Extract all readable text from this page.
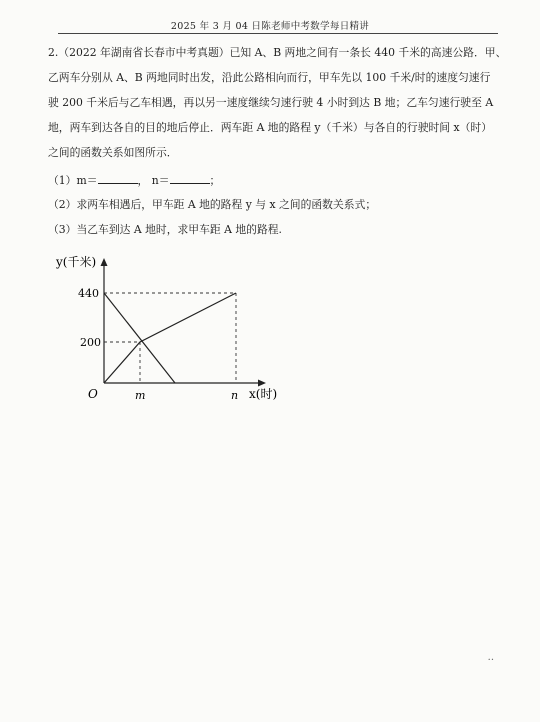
2025 年 3 月 04 日陈老师中考数学每日精讲
2.（2022 年湖南省长春市中考真题）已知 A、B 两地之间有一条长 440 千米的高速公路．甲、
乙两车分别从 A、B 两地同时出发，沿此公路相向而行，甲车先以 100 千米/时的速度匀速行
驶 200 千米后与乙车相遇，再以另一速度继续匀速行驶 4 小时到达 B 地；乙车匀速行驶至 A
地，两车到达各自的目的地后停止．两车距 A 地的路程 y（千米）与各自的行驶时间 x（时）
之间的函数关系如图所示．
（1）m＝	， n＝	；
（2）求两车相遇后，甲车距 A 地的路程 y 与 x 之间的函数关系式；
（3）当乙车到达 A 地时，求甲车距 A 地的路程.
y(千米)
x(时)
O
440
200
m	n
··
